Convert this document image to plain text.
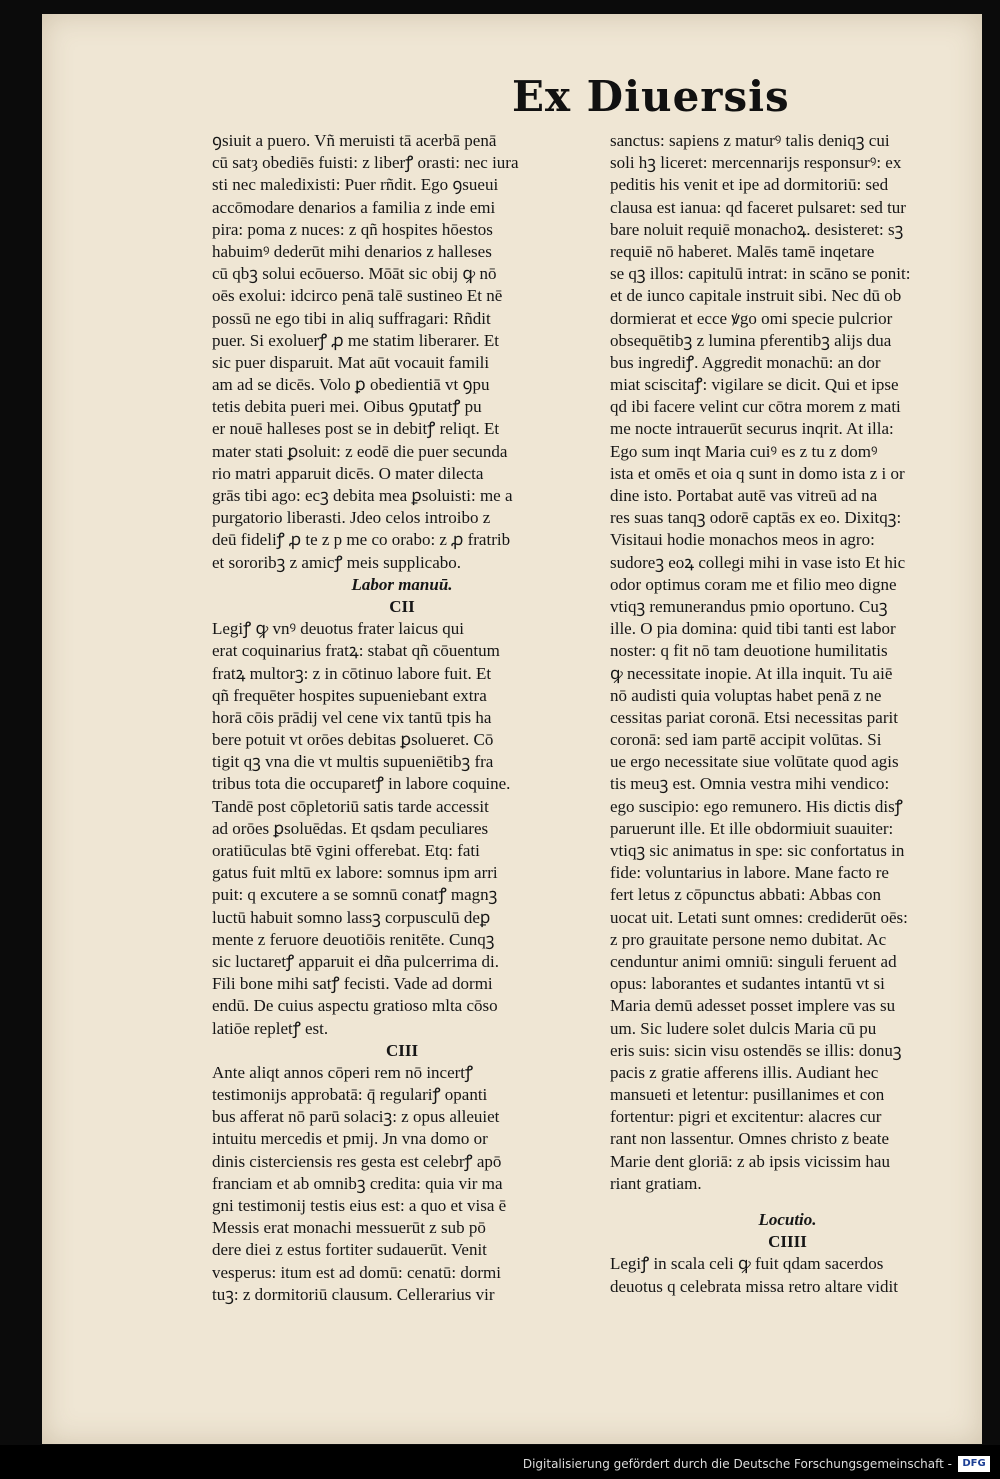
Ex Diuersis
ꝯsiuit a puero. Vñ meruisti tā acerbā penā
cū satȝ obediēs fuisti: z liberꝭ orasti: nec iura
sti nec maledixisti: Puer rñdit. Ego ꝯsueui
accōmodare denarios a familia z inde emi
pira: poma z nuces: z qñ hospites hōestos
habuimꝰ dederūt mihi denarios z halleses
cū qbꝫ solui ecōuerso. Mōāt sic obij ꝙ nō
oēs exolui: idcirco penā talē sustineo Et nē
possū ne ego tibi in aliq suffragari: Rñdit
puer. Si exoluerꝭ ꝓ me statim liberarer. Et
sic puer disparuit. Mat aūt vocauit famili
am ad se dicēs. Volo ꝑ obedientiā vt ꝯpu
tetis debita pueri mei. Oibus ꝯputatꝭ pu
er nouē halleses post se in debitꝭ reliqt. Et
mater stati ꝑsoluit: z eodē die puer secunda
rio matri apparuit dicēs. O mater dilecta
grās tibi ago: ecꝫ debita mea ꝑsoluisti: me a
purgatorio liberasti. Jdeo celos introibo z
deū fideliꝭ ꝓ te z p me co orabo: z ꝓ fratrib
et sororibꝫ z amicꝭ meis supplicabo.
Labor manuū.
CII
Legiꝭ ꝙ vnꝰ deuotus frater laicus qui
erat coquinarius fratꝝ: stabat qñ cōuentum
fratꝝ multorꝫ: z in cōtinuo labore fuit. Et
qñ frequēter hospites supueniebant extra
horā cōis prādij vel cene vix tantū tpis ha
bere potuit vt orōes debitas ꝑsolueret. Cō
tigit qꝫ vna die vt multis supueniētibꝫ fra
tribus tota die occuparetꝭ in labore coquine.
Tandē post cōpletoriū satis tarde accessit
ad orōes ꝑsoluēdas. Et qsdam peculiares
oratiūculas btē v̄gini offerebat. Etq: fati
gatus fuit mltū ex labore: somnus ipm arri
puit: q excutere a se somnū conatꝭ magnꝫ
luctū habuit somno lassꝫ corpusculū deꝑ
mente z feruore deuotiōis renitēte. Cunqꝫ
sic luctaretꝭ apparuit ei dña pulcerrima di.
Fili bone mihi satꝭ fecisti. Vade ad dormi
endū. De cuius aspectu gratioso mlta cōso
latiōe repletꝭ est.
CIII
Ante aliqt annos cōperi rem nō incertꝭ
testimonijs approbatā: q̄ regulariꝭ opanti
bus afferat nō parū solaciꝫ: z opus alleuiet
intuitu mercedis et pmij. Jn vna domo or
dinis cisterciensis res gesta est celebrꝭ apō
franciam et ab omnibꝫ credita: quia vir ma
gni testimonij testis eius est: a quo et visa ē
Messis erat monachi messuerūt z sub pō
dere diei z estus fortiter sudauerūt. Venit
vesperus: itum est ad domū: cenatū: dormi
tuꝫ: z dormitoriū clausum. Cellerarius vir
sanctus: sapiens z maturꝰ talis deniqꝫ cui
soli hꝫ liceret: mercennarijs responsurꝰ: ex
peditis his venit et ipe ad dormitoriū: sed
clausa est ianua: qd faceret pulsaret: sed tur
bare noluit requiē monachoꝝ. desisteret: sꝫ
requiē nō haberet. Malēs tamē inqetare
se qꝫ illos: capitulū intrat: in scāno se ponit:
et de iunco capitale instruit sibi. Nec dū ob
dormierat et ecce ꝟgo omi specie pulcrior
obsequētibꝫ z lumina pferentibꝫ alijs dua
bus ingrediꝭ. Aggredit monachū: an dor
miat sciscitaꝭ: vigilare se dicit. Qui et ipse
qd ibi facere velint cur cōtra morem z mati
me nocte intrauerūt securus inqrit. At illa:
Ego sum inqt Maria cuiꝰ es z tu z domꝰ
ista et omēs et oia q sunt in domo ista z i or
dine isto. Portabat autē vas vitreū ad na
res suas tanqꝫ odorē captās ex eo. Dixitqꝫ:
Visitaui hodie monachos meos in agro:
sudoreꝫ eoꝝ collegi mihi in vase isto Et hic
odor optimus coram me et filio meo digne
vtiqꝫ remunerandus pmio oportuno. Cuꝫ
ille. O pia domina: quid tibi tanti est labor
noster: q fit nō tam deuotione humilitatis
ꝙ necessitate inopie. At illa inquit. Tu aiē
nō audisti quia voluptas habet penā z ne
cessitas pariat coronā. Etsi necessitas parit
coronā: sed iam partē accipit volūtas. Si
ue ergo necessitate siue volūtate quod agis
tis meuꝫ est. Omnia vestra mihi vendico:
ego suscipio: ego remunero. His dictis disꝭ
paruerunt ille. Et ille obdormiuit suauiter:
vtiqꝫ sic animatus in spe: sic confortatus in
fide: voluntarius in labore. Mane facto re
fert letus z cōpunctus abbati: Abbas con
uocat uit. Letati sunt omnes: crediderūt oēs:
z pro grauitate persone nemo dubitat. Ac
cenduntur animi omniū: singuli feruent ad
opus: laborantes et sudantes intantū vt si
Maria demū adesset posset implere vas su
um. Sic ludere solet dulcis Maria cū pu
eris suis: sicin visu ostendēs se illis: donuꝫ
pacis z gratie afferens illis. Audiant hec
mansueti et letentur: pusillanimes et con
fortentur: pigri et excitentur: alacres cur
rant non lassentur. Omnes christo z beate
Marie dent gloriā: z ab ipsis vicissim hau
riant gratiam.
Locutio.
CIIII
Legiꝭ in scala celi ꝙ fuit qdam sacerdos
deuotus q celebrata missa retro altare vidit
Digitalisierung gefördert durch die Deutsche Forschungsgemeinschaft -	DFG
